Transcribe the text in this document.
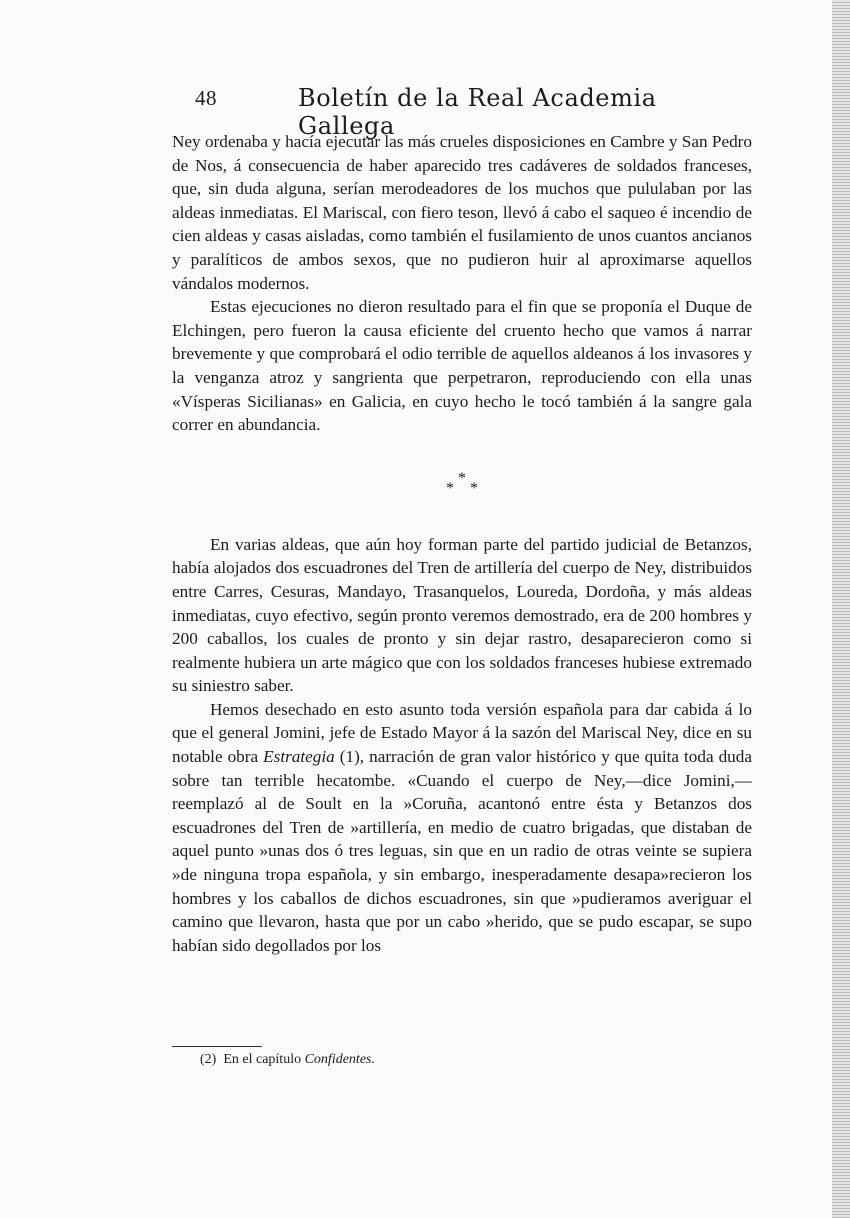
48	Boletín de la Real Academia Gallega

Ney ordenaba y hacía ejecutar las más crueles disposiciones en Cambre y San Pedro de Nos, á consecuencia de haber aparecido tres cadáveres de soldados franceses, que, sin duda alguna, serían merodeadores de los muchos que pululaban por las aldeas inmediatas. El Mariscal, con fiero teson, llevó á cabo el saqueo é incendio de cien aldeas y casas aisladas, como también el fusilamiento de unos cuantos ancianos y paralíticos de ambos sexos, que no pudieron huir al aproximarse aquellos vándalos modernos.

Estas ejecuciones no dieron resultado para el fin que se proponía el Duque de Elchingen, pero fueron la causa eficiente del cruento hecho que vamos á narrar brevemente y que comprobará el odio terrible de aquellos aldeanos á los invasores y la venganza atroz y sangrienta que perpetraron, reproduciendo con ella unas «Vísperas Sicilianas» en Galicia, en cuyo hecho le tocó también á la sangre gala correr en abundancia.

*
* *

En varias aldeas, que aún hoy forman parte del partido judicial de Betanzos, había alojados dos escuadrones del Tren de artillería del cuerpo de Ney, distribuidos entre Carres, Cesuras, Mandayo, Trasanquelos, Loureda, Dordoña, y más aldeas inmediatas, cuyo efectivo, según pronto veremos demostrado, era de 200 hombres y 200 caballos, los cuales de pronto y sin dejar rastro, desaparecieron como si realmente hubiera un arte mágico que con los soldados franceses hubiese extremado su siniestro saber.

Hemos desechado en esto asunto toda versión española para dar cabida á lo que el general Jomini, jefe de Estado Mayor á la sazón del Mariscal Ney, dice en su notable obra Estrategia (1), narración de gran valor histórico y que quita toda duda sobre tan terrible hecatombe. «Cuando el cuerpo de Ney,—dice Jomini,—reemplazó al de Soult en la »Coruña, acantonó entre ésta y Betanzos dos escuadrones del Tren de »artillería, en medio de cuatro brigadas, que distaban de aquel punto »unas dos ó tres leguas, sin que en un radio de otras veinte se supiera »de ninguna tropa española, y sin embargo, inesperadamente desapa»recieron los hombres y los caballos de dichos escuadrones, sin que »pudieramos averiguar el camino que llevaron, hasta que por un cabo »herido, que se pudo escapar, se supo habían sido degollados por los

(2) En el capítulo Confidentes.
